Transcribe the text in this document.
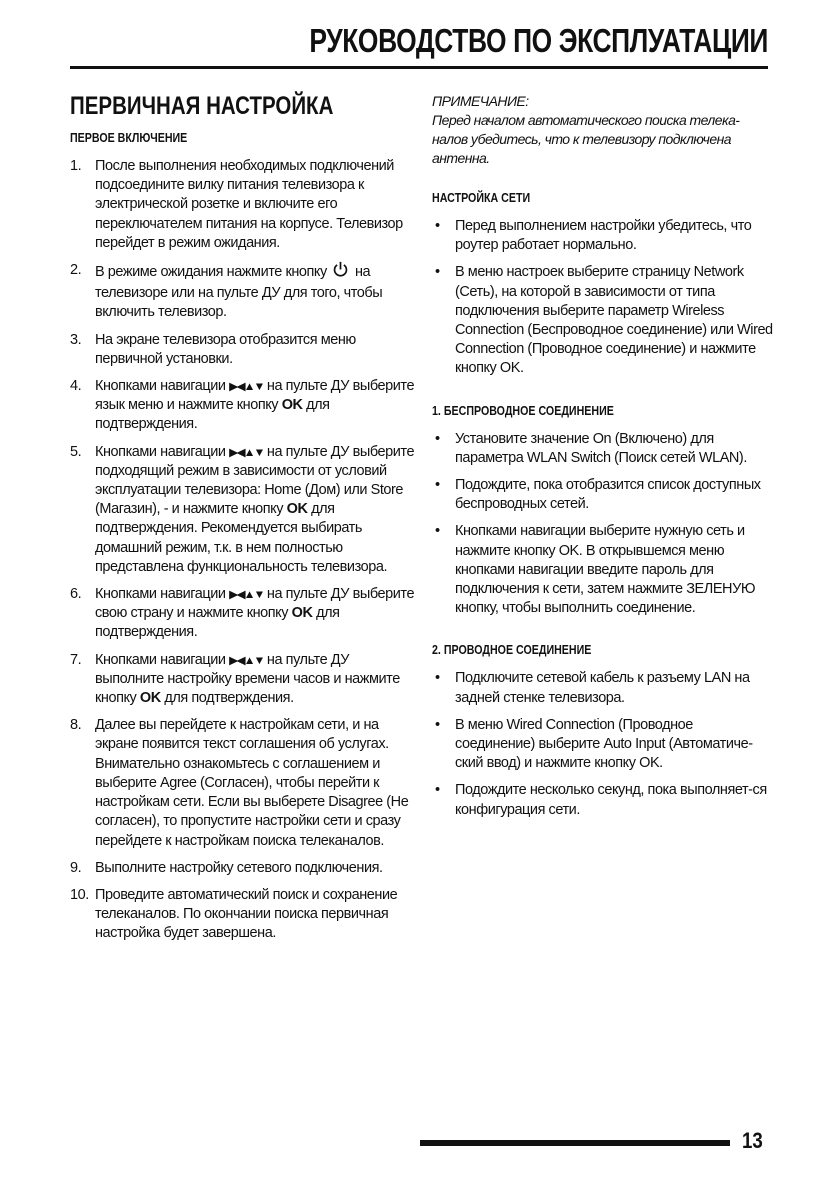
РУКОВОДСТВО ПО ЭКСПЛУАТАЦИИ
ПЕРВИЧНАЯ НАСТРОЙКА
ПЕРВОЕ ВКЛЮЧЕНИЕ
1. После выполнения необходимых подключений подсоедините вилку питания телевизора к электрической розетке и включите его переключателем питания на корпусе. Телевизор перейдет в режим ожидания.
2. В режиме ожидания нажмите кнопку на телевизоре или на пульте ДУ для того, чтобы включить телевизор.
3. На экране телевизора отобразится меню первичной установки.
4. Кнопками навигации ▶◀▲▼ на пульте ДУ выберите язык меню и нажмите кнопку OK для подтверждения.
5. Кнопками навигации ▶◀▲▼ на пульте ДУ выберите подходящий режим в зависимости от условий эксплуатации телевизора: Home (Дом) или Store (Магазин), - и нажмите кнопку OK для подтверждения. Рекомендуется выбирать домашний режим, т.к. в нем полностью представлена функциональность телевизора.
6. Кнопками навигации ▶◀▲▼ на пульте ДУ выберите свою страну и нажмите кнопку OK для подтверждения.
7. Кнопками навигации ▶◀▲▼ на пульте ДУ выполните настройку времени часов и нажмите кнопку OK для подтверждения.
8. Далее вы перейдете к настройкам сети, и на экране появится текст соглашения об услугах. Внимательно ознакомьтесь с соглашением и выберите Agree (Согласен), чтобы перейти к настройкам сети. Если вы выберете Disagree (Не согласен), то пропустите настройки сети и сразу перейдете к настройкам поиска телеканалов.
9. Выполните настройку сетевого подключения.
10. Проведите автоматический поиск и сохранение телеканалов. По окончании поиска первичная настройка будет завершена.
ПРИМЕЧАНИЕ:
Перед началом автоматического поиска телека-налов убедитесь, что к телевизору подключена антенна.
НАСТРОЙКА СЕТИ
• Перед выполнением настройки убедитесь, что роутер работает нормально.
• В меню настроек выберите страницу Network (Сеть), на которой в зависимости от типа подключения выберите параметр Wireless Connection (Беспроводное соединение) или Wired Connection (Проводное соединение) и нажмите кнопку OK.
1. БЕСПРОВОДНОЕ СОЕДИНЕНИЕ
• Установите значение On (Включено) для параметра WLAN Switch (Поиск сетей WLAN).
• Подождите, пока отобразится список доступных беспроводных сетей.
• Кнопками навигации выберите нужную сеть и нажмите кнопку OK. В открывшемся меню кнопками навигации введите пароль для подключения к сети, затем нажмите ЗЕЛЕНУЮ кнопку, чтобы выполнить соединение.
2. ПРОВОДНОЕ СОЕДИНЕНИЕ
• Подключите сетевой кабель к разъему LAN на задней стенке телевизора.
• В меню Wired Connection (Проводное соединение) выберите Auto Input (Автоматиче-ский ввод) и нажмите кнопку OK.
• Подождите несколько секунд, пока выполняет-ся конфигурация сети.
13
